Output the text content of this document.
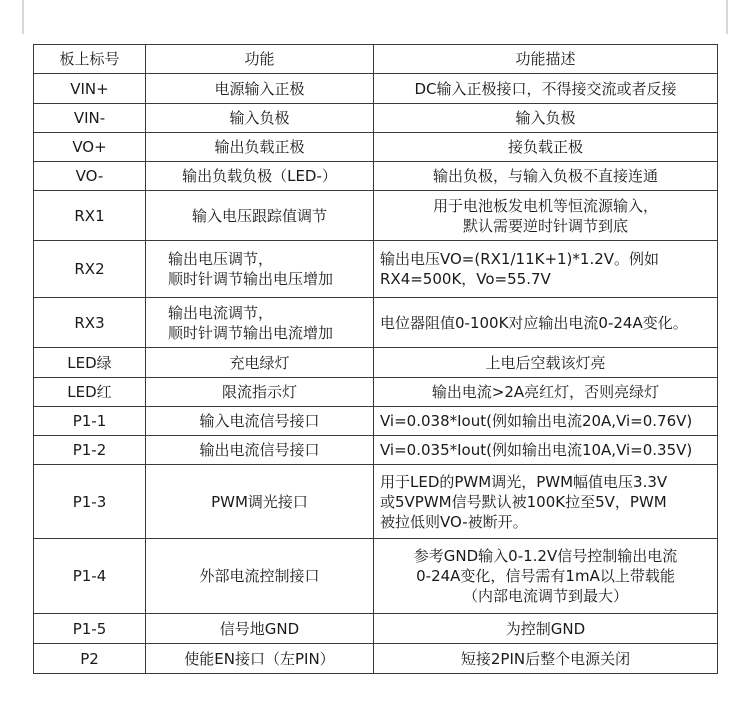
板上标号	功能	功能描述
VIN+	电源输入正极	DC输入正极接口，不得接交流或者反接

VIN-	输入负极	输入负极

VO+	输出负载正极	接负载正极

VO-	输出负载负极（LED-）	输出负极，与输入负极不直接连通

RX1	输入电压跟踪值调节	用于电池板发电机等恒流源输入，
默认需要逆时针调节到底

RX2	输出电压调节，
顺时针调节输出电压增加	输出电压VO=(RX1/11K+1)*1.2V。例如
RX4=500K，Vo=55.7V

RX3	输出电流调节，
顺时针调节输出电流增加	电位器阻值0-100K对应输出电流0-24A变化。

LED绿	充电绿灯	上电后空载该灯亮

LED红	限流指示灯	输出电流>2A亮红灯，否则亮绿灯

P1-1	输入电流信号接口	Vi=0.038*Iout(例如输出电流20A,Vi=0.76V)

P1-2	输出电流信号接口	Vi=0.035*Iout(例如输出电流10A,Vi=0.35V)

P1-3	PWM调光接口	用于LED的PWM调光，PWM幅值电压3.3V
或5VPWM信号默认被100K拉至5V，PWM
被拉低则VO-被断开。

P1-4	外部电流控制接口	参考GND输入0-1.2V信号控制输出电流
0-24A变化，信号需有1mA以上带载能
（内部电流调节到最大）

P1-5	信号地GND	为控制GND

P2	使能EN接口（左PIN）	短接2PIN后整个电源关闭
